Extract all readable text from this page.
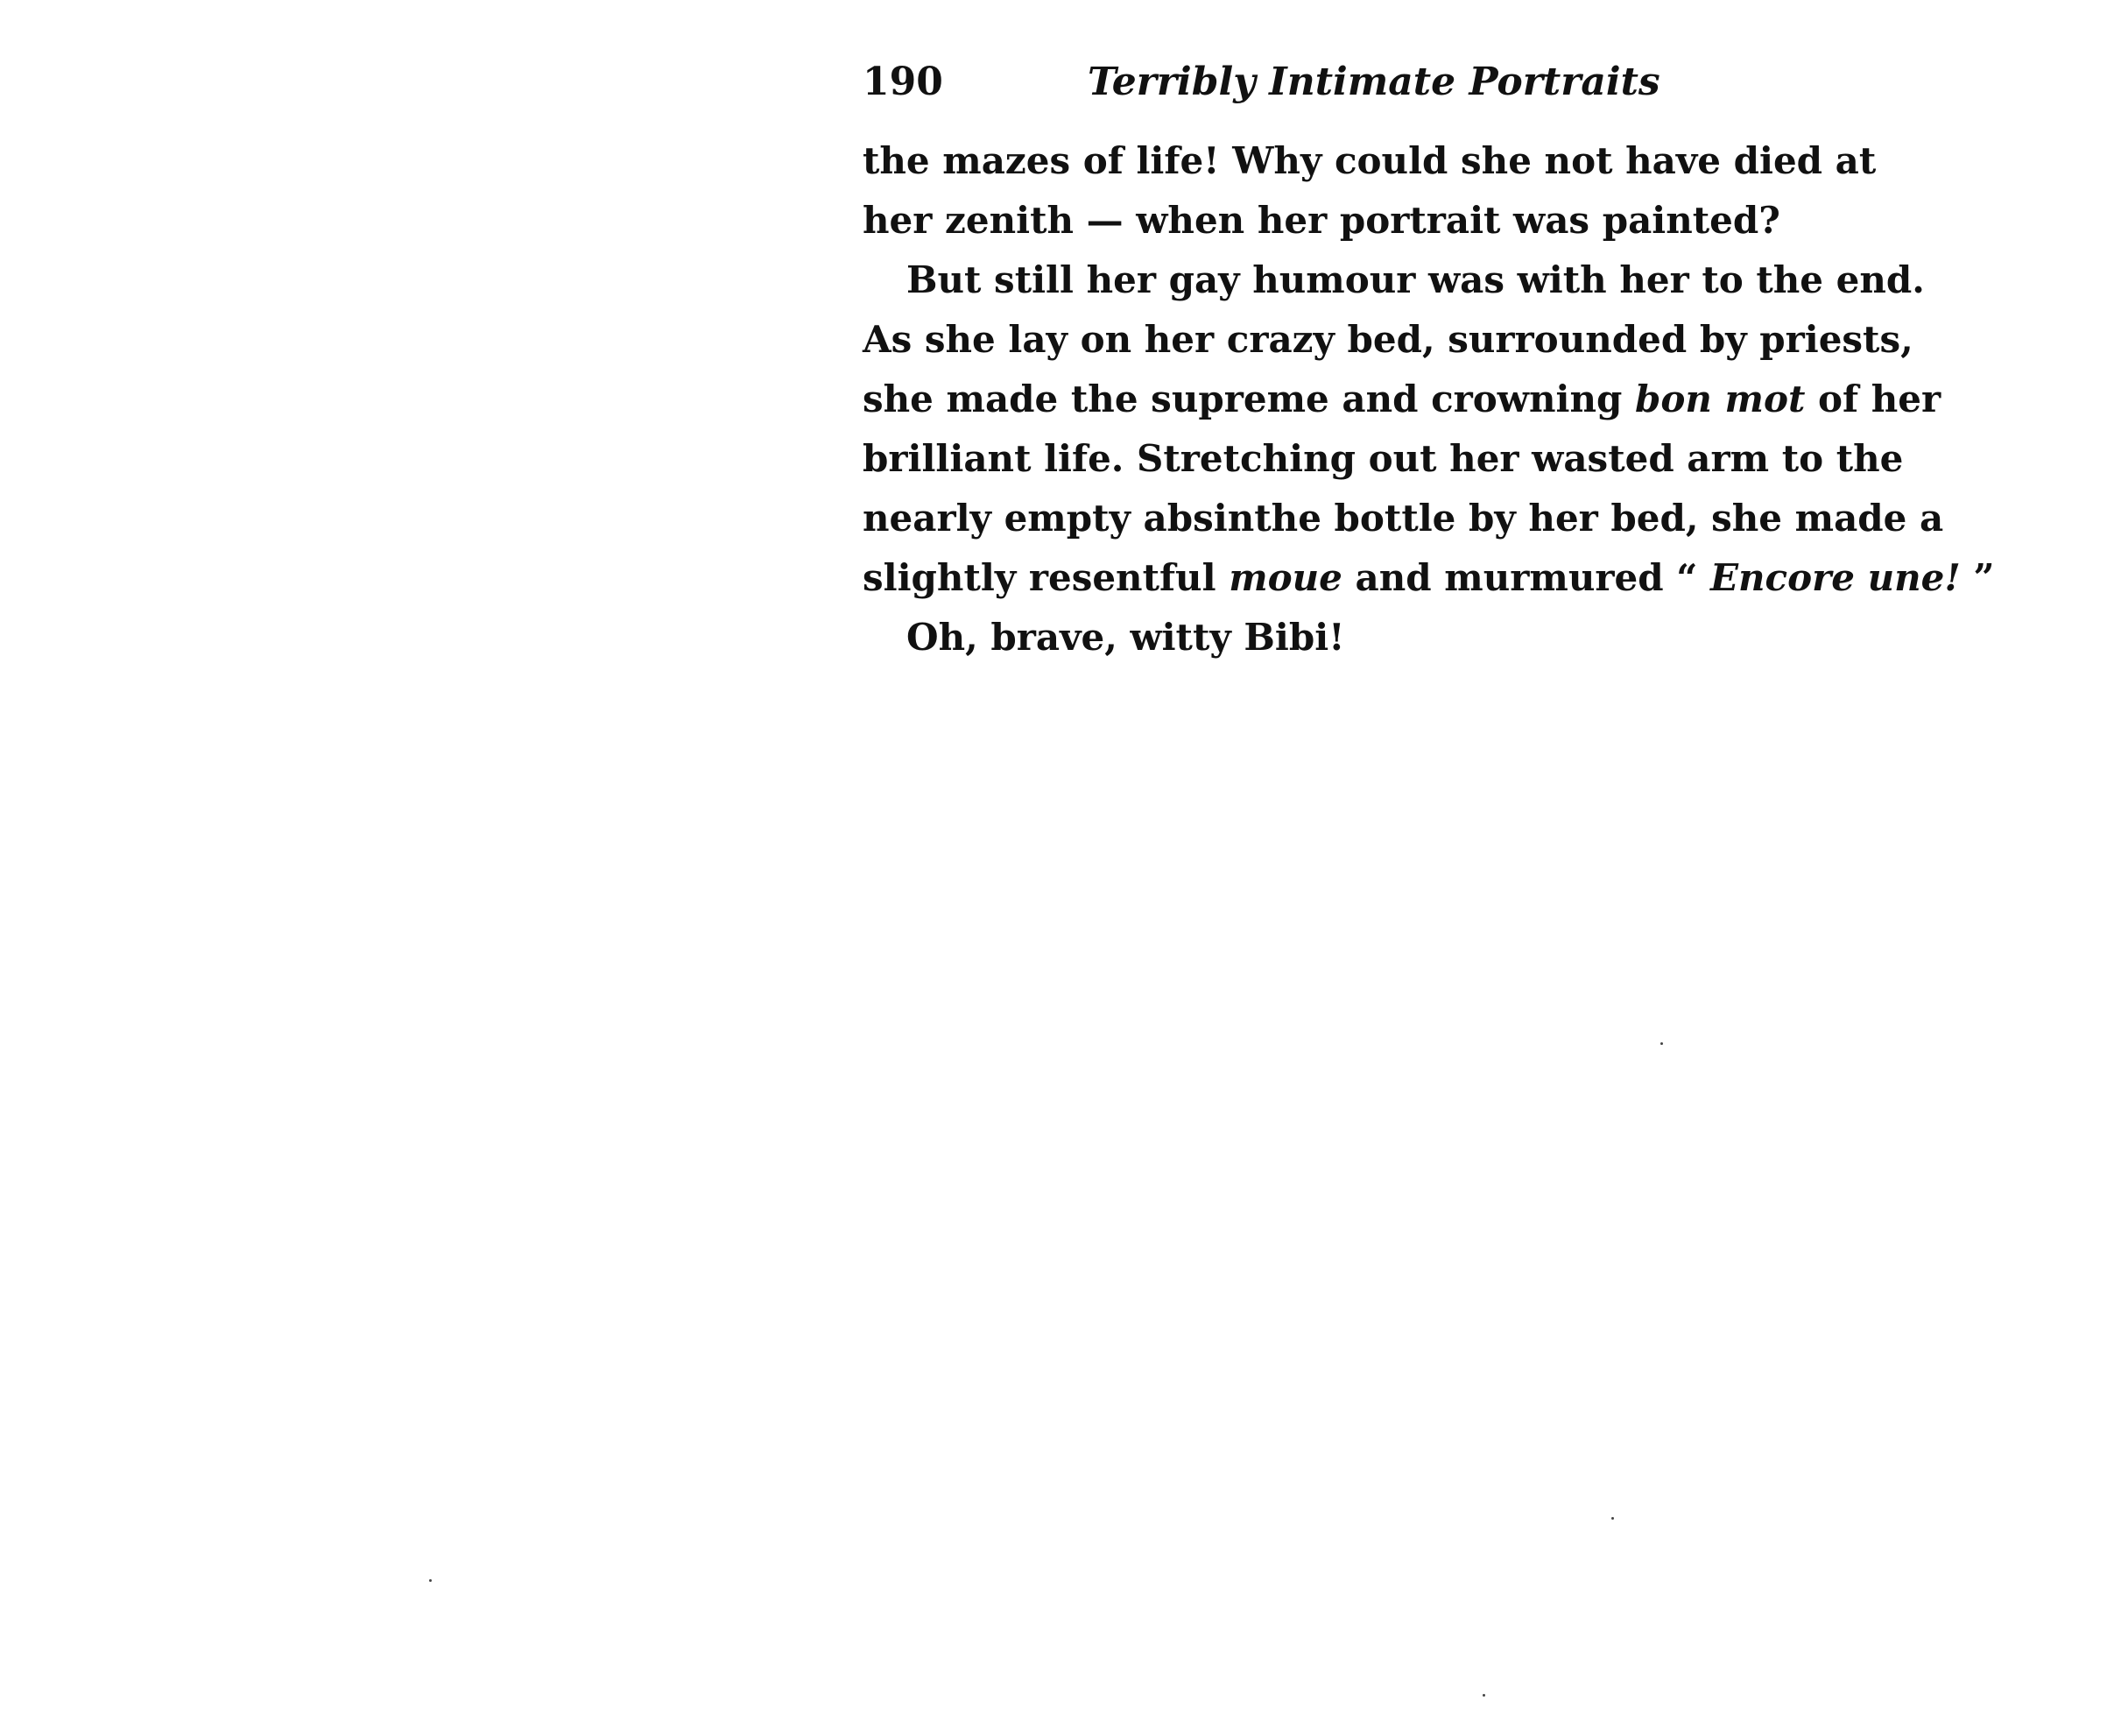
190	Terribly Intimate Portraits
the mazes of life! Why could she not have died at
her zenith — when her portrait was painted?
But still her gay humour was with her to the end.
As she lay on her crazy bed, surrounded by priests,
she made the supreme and crowning bon mot of her
brilliant life. Stretching out her wasted arm to the
nearly empty absinthe bottle by her bed, she made a
slightly resentful moue and murmured “ Encore une! ”
Oh, brave, witty Bibi!
